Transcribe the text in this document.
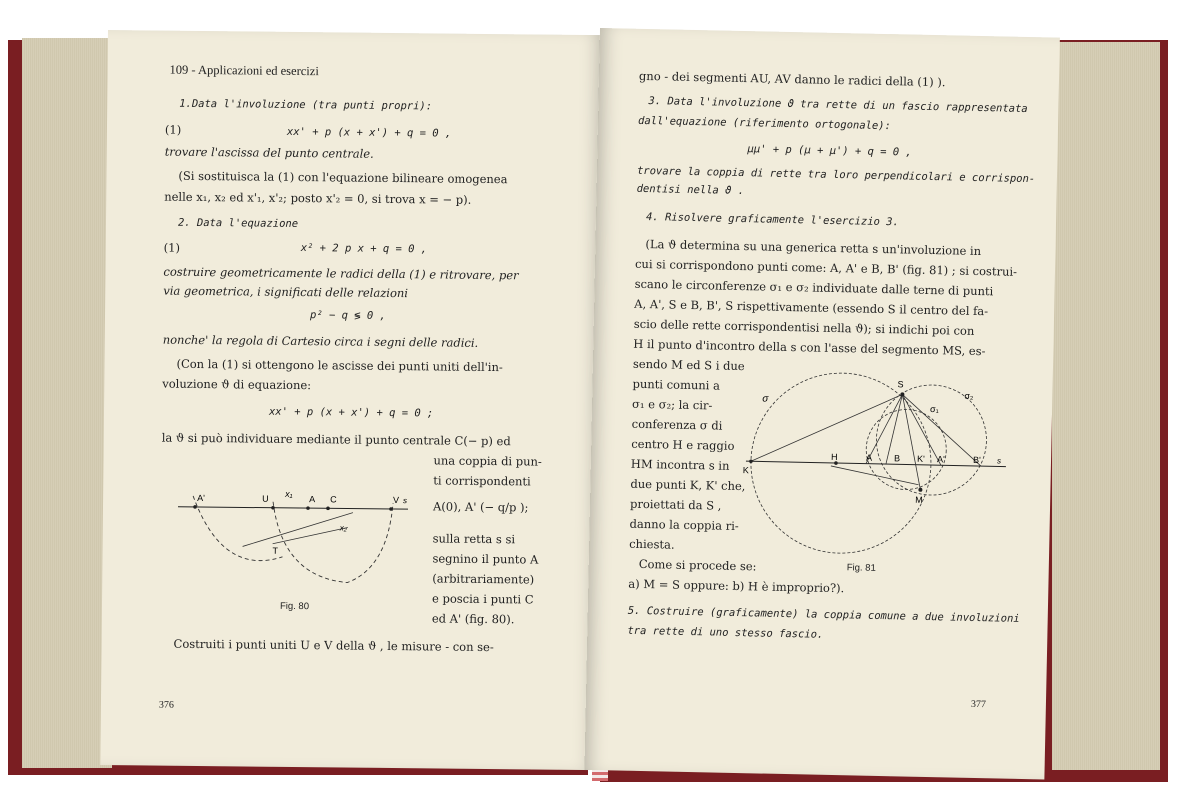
109 - Applicazioni ed esercizi
1.Data l'involuzione (tra punti propri):
(1)	xx' + p (x + x') + q = 0 ,
trovare l'ascissa del punto centrale.
(Si sostituisca la (1) con l'equazione bilineare omogenea
nelle x₁, x₂ ed x'₁, x'₂; posto x'₂ = 0, si trova x = − p).
2. Data l'equazione
(1)	x² + 2 p x + q = 0 ,
costruire geometricamente le radici della (1) e ritrovare, per
via geometrica, i significati delle relazioni
p² − q ≶ 0 ,
nonche' la regola di Cartesio circa i segni delle radici.
(Con la (1) si ottengono le ascisse dei punti uniti dell'in-
voluzione ϑ di equazione:
xx' + p (x + x') + q = 0 ;
la ϑ si può individuare mediante il punto centrale C(− p) ed
una coppia di pun-
ti corrispondenti
A(0), A' (− q/p );
sulla retta s si
segnino il punto A
(arbitrariamente)
e poscia i punti C
ed A' (fig. 80).
Costruiti i punti uniti U e V della ϑ , le misure - con se-
A'	U x₁
A C	V s
T
x₂
Fig. 80
376
gno - dei segmenti AU, AV danno le radici della (1) ).
3. Data l'involuzione ϑ tra rette di un fascio rappresentata
dall'equazione (riferimento ortogonale):
μμ' + p (μ + μ') + q = 0 ,
trovare la coppia di rette tra loro perpendicolari e corrispon-
dentisi nella ϑ .
4. Risolvere graficamente l'esercizio 3.
(La ϑ determina su una generica retta s un'involuzione in
cui si corrispondono punti come: A, A' e B, B' (fig. 81) ; si costrui-
scano le circonferenze σ₁ e σ₂ individuate dalle terne di punti
A, A', S e B, B', S rispettivamente (essendo S il centro del fa-
scio delle rette corrispondentisi nella ϑ); si indichi poi con
H il punto d'incontro della s con l'asse del segmento MS, es-
sendo M ed S i due
punti comuni a
σ₁ e σ₂; la cir-
conferenza σ di
centro H e raggio
HM incontra s in
due punti K, K' che,
proiettati da S ,
danno la coppia ri-
chiesta.
Come si procede se:
a) M = S oppure: b) H è improprio?).
5. Costruire (graficamente) la coppia comune a due involuzioni
tra rette di uno stesso fascio.
σ
S
σ₂
σ₁
K
H	A B K' A'	B' s
M
Fig. 81
377
